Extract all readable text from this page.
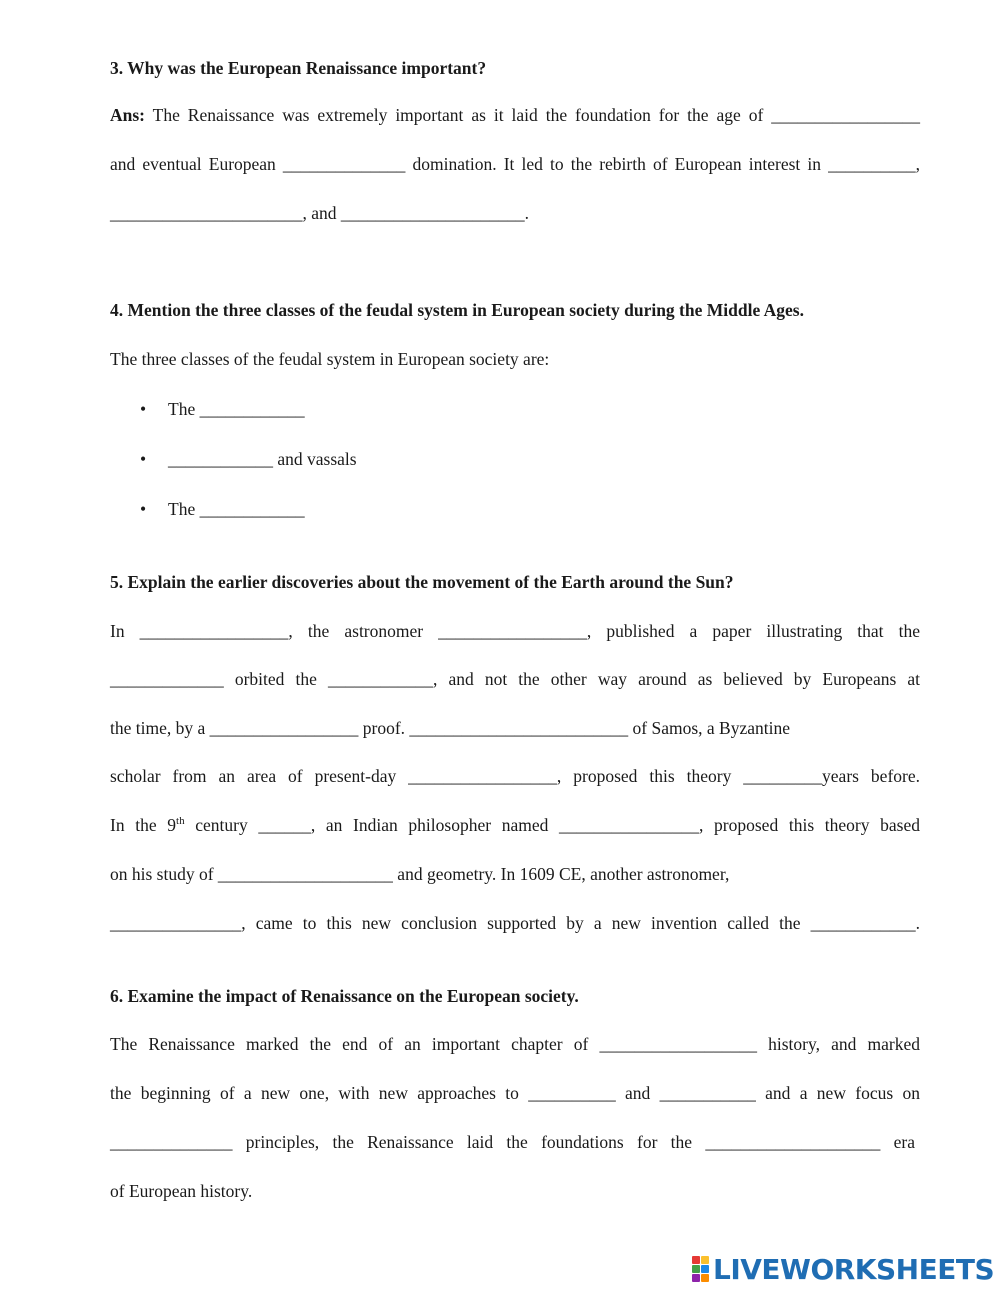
3. Why was the European Renaissance important?
Ans: The Renaissance was extremely important as it laid the foundation for the age of _________________
and eventual European ______________ domination. It led to the rebirth of European interest in __________,
______________________, and _____________________.
4. Mention the three classes of the feudal system in European society during the Middle Ages.
The three classes of the feudal system in European society are:
• The ____________
• ____________ and vassals
• The ____________
5. Explain the earlier discoveries about the movement of the Earth around the Sun?
In _________________, the astronomer _________________, published a paper illustrating that the
_____________ orbited the ____________, and not the other way around as believed by Europeans at
the time, by a _________________ proof. _________________________ of Samos, a Byzantine
scholar from an area of present-day _________________, proposed this theory _________years before.
In the 9th century ______, an Indian philosopher named ________________, proposed this theory based
on his study of ____________________ and geometry. In 1609 CE, another astronomer,
_______________, came to this new conclusion supported by a new invention called the ____________.
6. Examine the impact of Renaissance on the European society.
The Renaissance marked the end of an important chapter of __________________ history, and marked
the beginning of a new one, with new approaches to __________ and ___________ and a new focus on
______________ principles, the Renaissance laid the foundations for the ____________________ era
of European history.
LIVEWORKSHEETS
